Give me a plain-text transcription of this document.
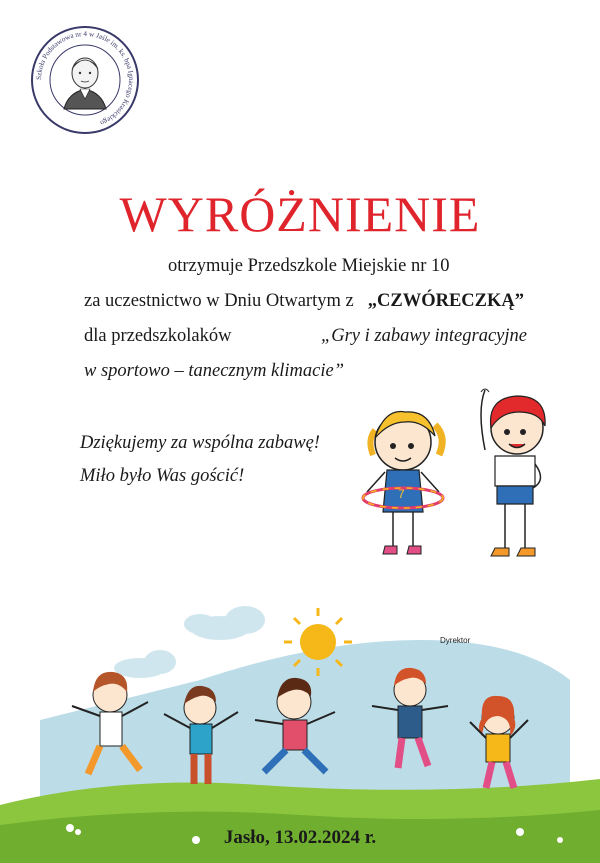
Szkoła Podstawowa nr 4 w Jaśle im. ks. bpa Ignacego Krasickiego
WYRÓŻNIENIE
otrzymuje Przedszkole Miejskie nr 10
za uczestnictwo w Dniu Otwartym z „CZWÓRECZKĄ”
dla przedszkolaków	„Gry i zabawy integracyjne
w sportowo – tanecznym klimacie”
Dziękujemy za wspólna zabawę!
Miło było Was gościć!
7
Dyrektor
Jasło, 13.02.2024 r.
